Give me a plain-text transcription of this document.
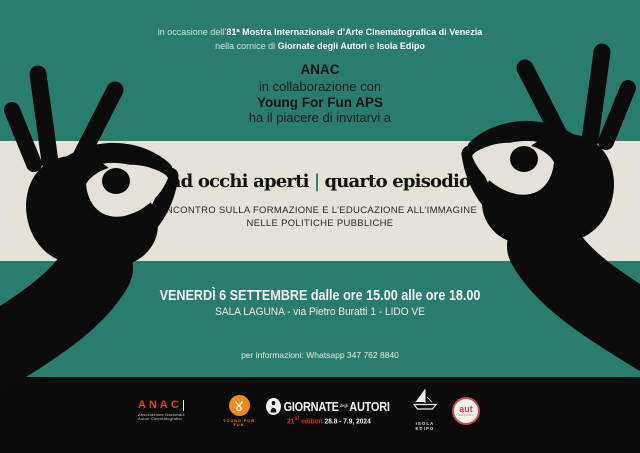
in occasione dell’81ª Mostra Internazionale d’Arte Cinematografica di Venezia
nella cornice di Giornate degli Autori e Isola Edipo
ANAC
in collaborazione con
Young For Fun APS
ha il piacere di invitarvi a
ad occhi aperti | quarto episodio
INCONTRO SULLA FORMAZIONE E L’EDUCAZIONE ALL’IMMAGINE
NELLE POLITICHE PUBBLICHE
VENERDÌ 6 SETTEMBRE dalle ore 15.00 alle ore 18.00
SALA LAGUNA - via Pietro Buratti 1 - LIDO VE
per informazioni: Whatsapp 347 762 8840
ANAC
Associazione Nazionale
Autori Cinematografici	YOUNG FOR FUN
GIORNATE degli AUTORI
21st edition 28.8 - 7.9, 2024	ISOLA
EDIPO
aut
AUTORI
